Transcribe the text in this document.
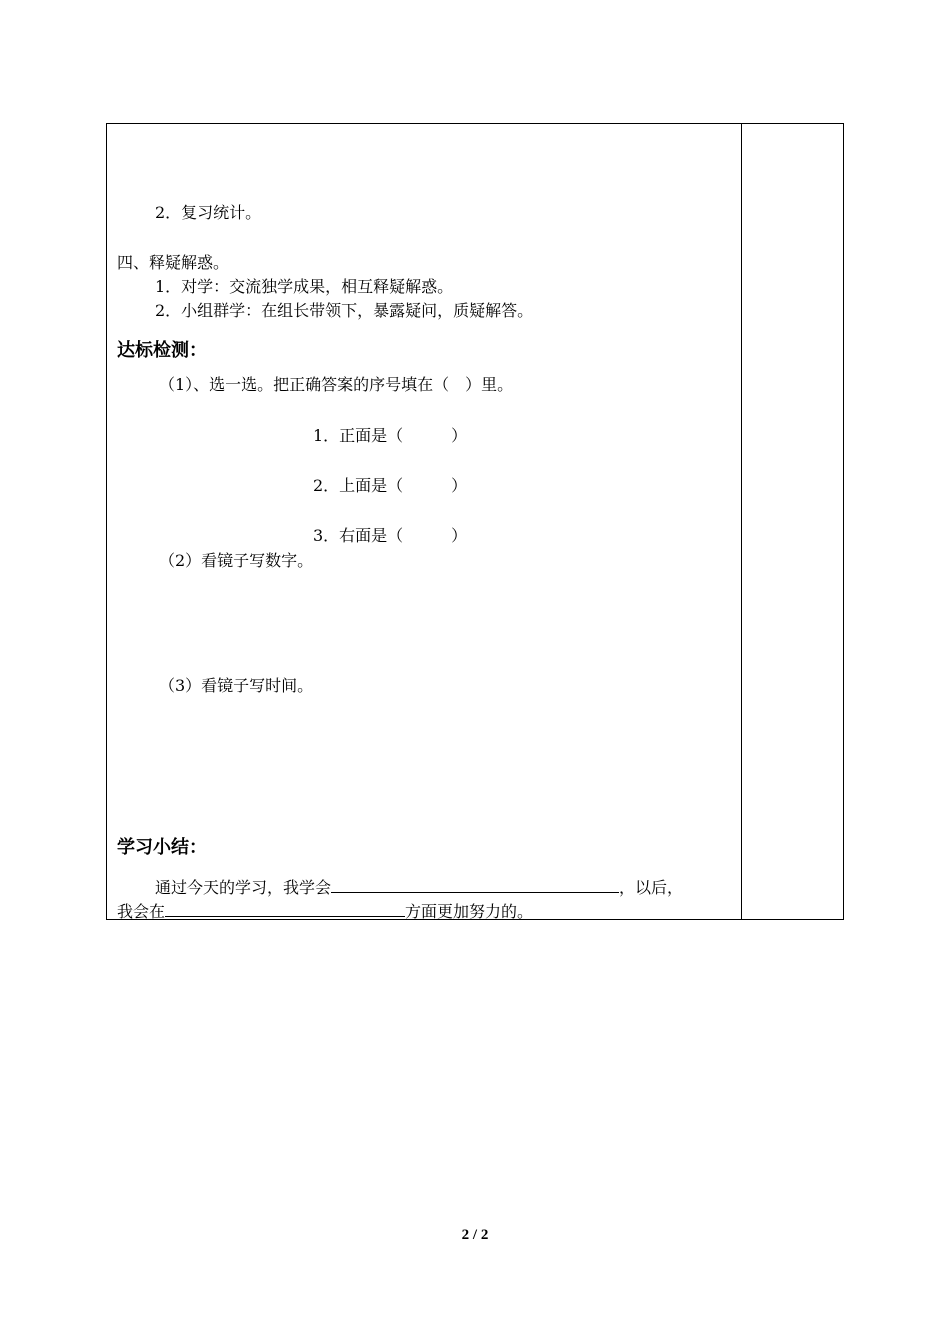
2．复习统计。
四、释疑解惑。
1．对学：交流独学成果，相互释疑解惑。
2．小组群学：在组长带领下，暴露疑问，质疑解答。
达标检测：
（1）、选一选。把正确答案的序号填在（　）里。
1．正面是（　　　）
2．上面是（　　　）
3．右面是（　　　）
（2）看镜子写数字。
（3）看镜子写时间。
学习小结：
通过今天的学习，我学会	，以后，
我会在	方面更加努力的。
2 / 2
